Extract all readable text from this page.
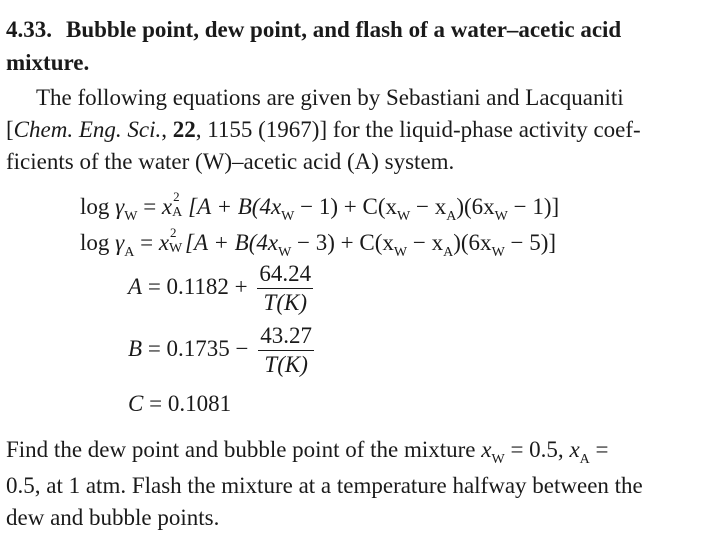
4.33. Bubble point, dew point, and flash of a water–acetic acid
mixture.
The following equations are given by Sebastiani and Lacquaniti
[Chem. Eng. Sci., 22, 1155 (1967)] for the liquid-phase activity coef-
ficients of the water (W)–acetic acid (A) system.
$\log \gamma_W = x$ 2
A $[A + B(4x_W - 1) + C(x_W - x_A)(6x_W - 1)]$
$\log \gamma_A = x$ 2
W $[A + B(4x_W - 3) + C(x_W - x_A)(6x_W - 5)]$
$A = 0.1182 + \frac{64.24}{T(K)}$
$B = 0.1735 - \frac{43.27}{T(K)}$
C = 0.1081
Find the dew point and bubble point of the mixture $x_W = 0.5$, $x_A$ =
0.5, at 1 atm. Flash the mixture at a temperature halfway between the
dew and bubble points.
